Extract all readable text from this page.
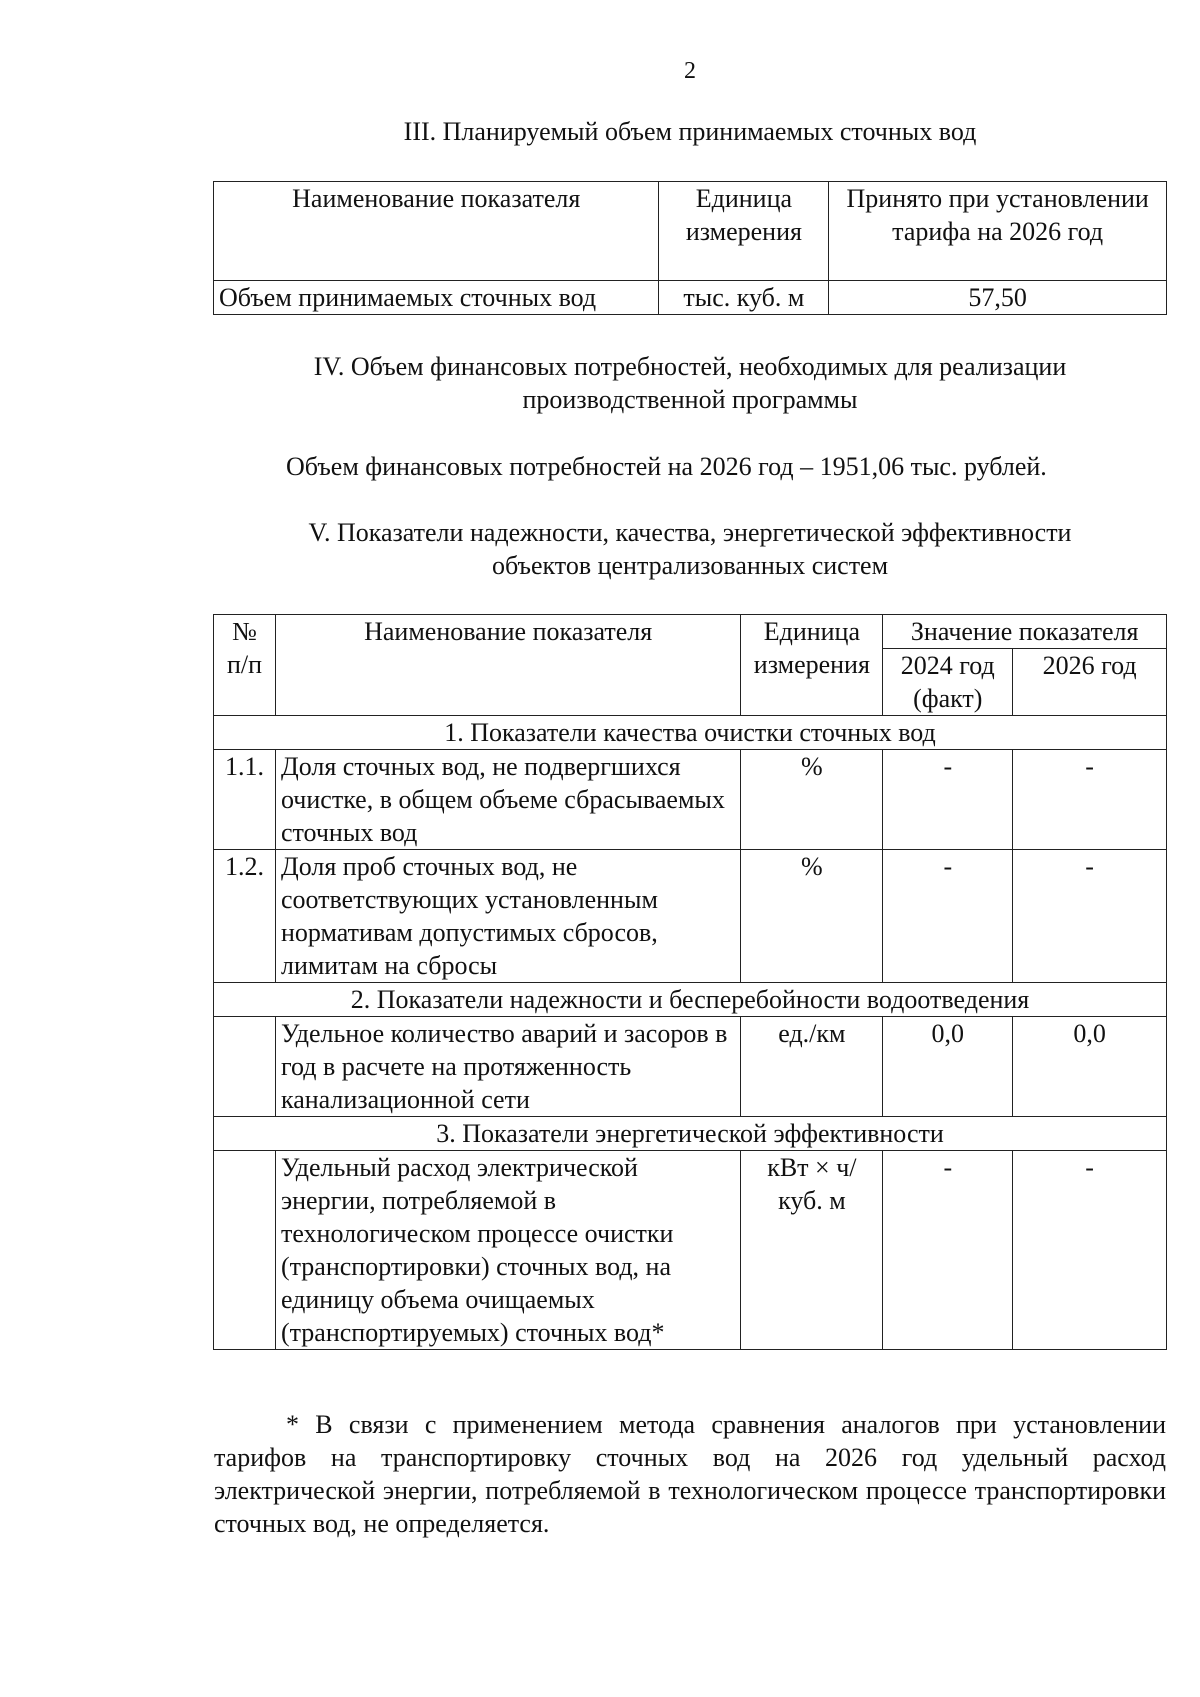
2
III. Планируемый объем принимаемых сточных вод
Наименование показателя	Единица измерения	Принято при установлении тарифа на 2026 год
Объем принимаемых сточных вод	тыс. куб. м	57,50
IV. Объем финансовых потребностей, необходимых для реализации
производственной программы
Объем финансовых потребностей на 2026 год – 1951,06 тыс. рублей.
V. Показатели надежности, качества, энергетической эффективности
объектов централизованных систем
№ п/п	Наименование показателя	Единица измерения	Значение показателя	
			2024 год (факт)	2026 год
1. Показатели качества очистки сточных вод				
1.1.	Доля сточных вод, не подвергшихся очистке, в общем объеме сбрасываемых сточных вод	%	-	-
1.2.	Доля проб сточных вод, не соответствующих установленным нормативам допустимых сбросов, лимитам на сбросы	%	-	-
2. Показатели надежности и бесперебойности водоотведения				
	Удельное количество аварий и засоров в год в расчете на протяженность канализационной сети	ед./км	0,0	0,0
3. Показатели энергетической эффективности				
	Удельный расход электрической энергии, потребляемой в технологическом процессе очистки (транспортировки) сточных вод, на единицу объема очищаемых (транспортируемых) сточных вод*	кВт × ч/ куб. м	-	-
* В связи с применением метода сравнения аналогов при установлении тарифов на транспортировку сточных вод на 2026 год удельный расход электрической энергии, потребляемой в технологическом процессе транспортировки сточных вод, не определяется.
